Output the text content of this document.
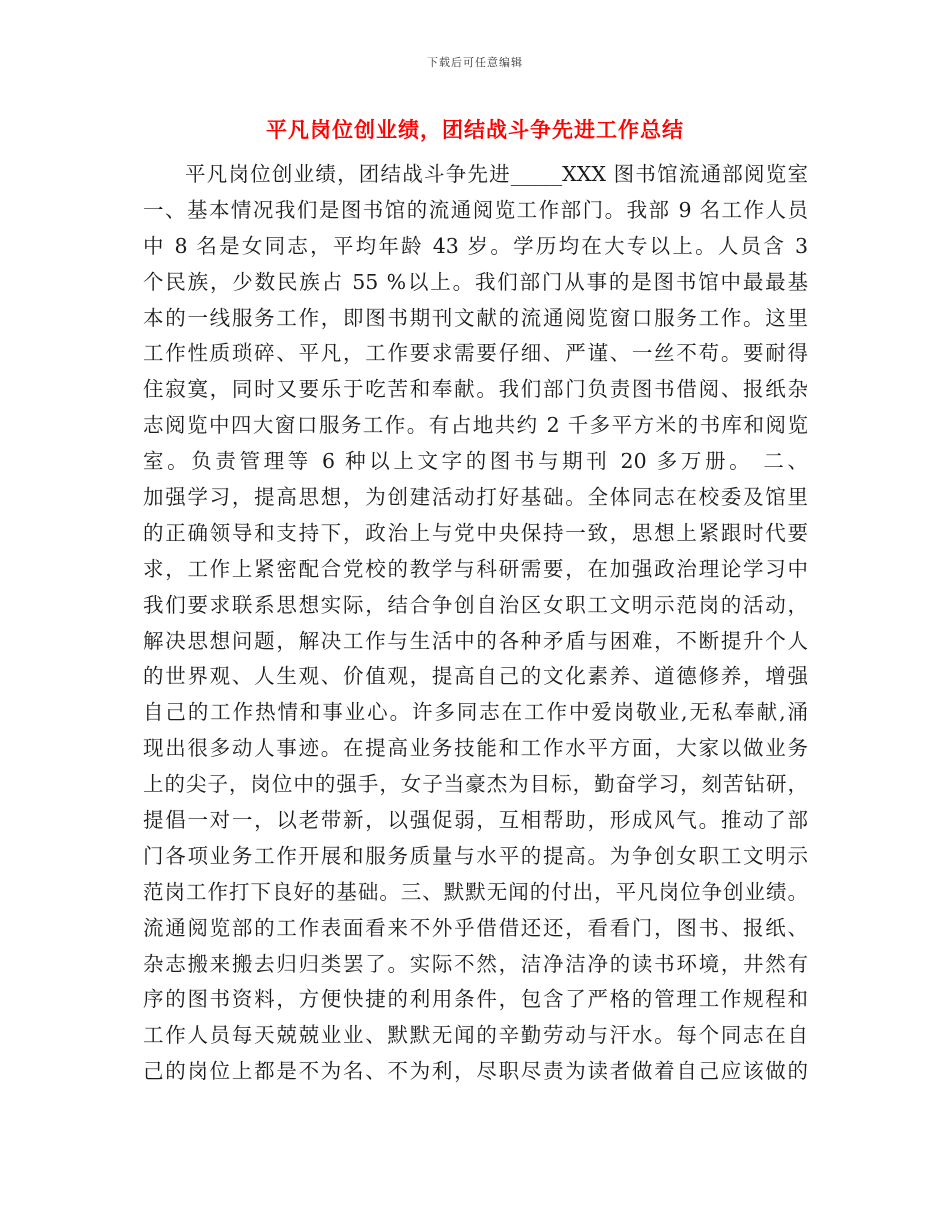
下载后可任意编辑
平凡岗位创业绩，团结战斗争先进工作总结
平凡岗位创业绩，团结战斗争先进_____XXX 图书馆流通部阅览室
一、基本情况我们是图书馆的流通阅览工作部门。我部 9 名工作人员
中 8 名是女同志，平均年龄 43 岁。学历均在大专以上。人员含 3
个民族，少数民族占 55 %以上。我们部门从事的是图书馆中最最基
本的一线服务工作，即图书期刊文献的流通阅览窗口服务工作。这里
工作性质琐碎、平凡，工作要求需要仔细、严谨、一丝不苟。要耐得
住寂寞，同时又要乐于吃苦和奉献。我们部门负责图书借阅、报纸杂
志阅览中四大窗口服务工作。有占地共约 2 千多平方米的书库和阅览
室。负责管理等 6 种以上文字的图书与期刊 20 多万册。 二、
加强学习，提高思想，为创建活动打好基础。全体同志在校委及馆里
的正确领导和支持下，政治上与党中央保持一致，思想上紧跟时代要
求，工作上紧密配合党校的教学与科研需要，在加强政治理论学习中
我们要求联系思想实际，结合争创自治区女职工文明示范岗的活动，
解决思想问题，解决工作与生活中的各种矛盾与困难，不断提升个人
的世界观、人生观、价值观，提高自己的文化素养、道德修养，增强
自己的工作热情和事业心。许多同志在工作中爱岗敬业,无私奉献,涌
现出很多动人事迹。在提高业务技能和工作水平方面，大家以做业务
上的尖子，岗位中的强手，女子当豪杰为目标，勤奋学习，刻苦钻研，
提倡一对一，以老带新，以强促弱，互相帮助，形成风气。推动了部
门各项业务工作开展和服务质量与水平的提高。为争创女职工文明示
范岗工作打下良好的基础。三、默默无闻的付出，平凡岗位争创业绩。
流通阅览部的工作表面看来不外乎借借还还，看看门，图书、报纸、
杂志搬来搬去归归类罢了。实际不然，洁净洁净的读书环境，井然有
序的图书资料，方便快捷的利用条件，包含了严格的管理工作规程和
工作人员每天兢兢业业、默默无闻的辛勤劳动与汗水。每个同志在自
己的岗位上都是不为名、不为利，尽职尽责为读者做着自己应该做的
